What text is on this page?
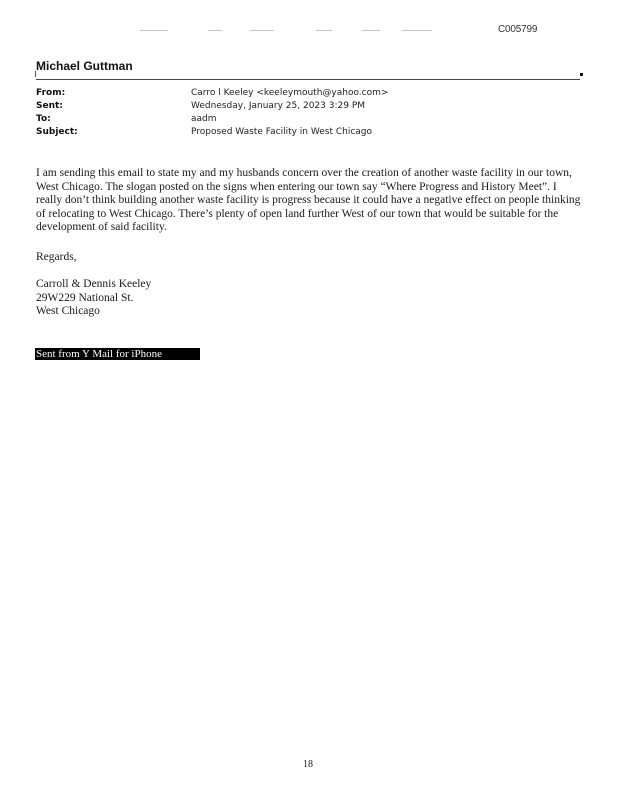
C005799
Michael Guttman
From:	Carro l Keeley <keeleymouth@yahoo.com>
Sent:	Wednesday, January 25, 2023 3:29 PM
To:	aadm
Subject:	Proposed Waste Facility in West Chicago

I am sending this email to state my and my husbands concern over the creation of another waste facility in our town, West Chicago. The slogan posted on the signs when entering our town say “Where Progress and History Meet”. I really don’t think building another waste facility is progress because it could have a negative effect on people thinking of relocating to West Chicago. There’s plenty of open land further West of our town that would be suitable for the development of said facility.

Regards,
Carroll & Dennis Keeley
29W229 National St.
West Chicago
Sent from Y Mail for iPhone
18
